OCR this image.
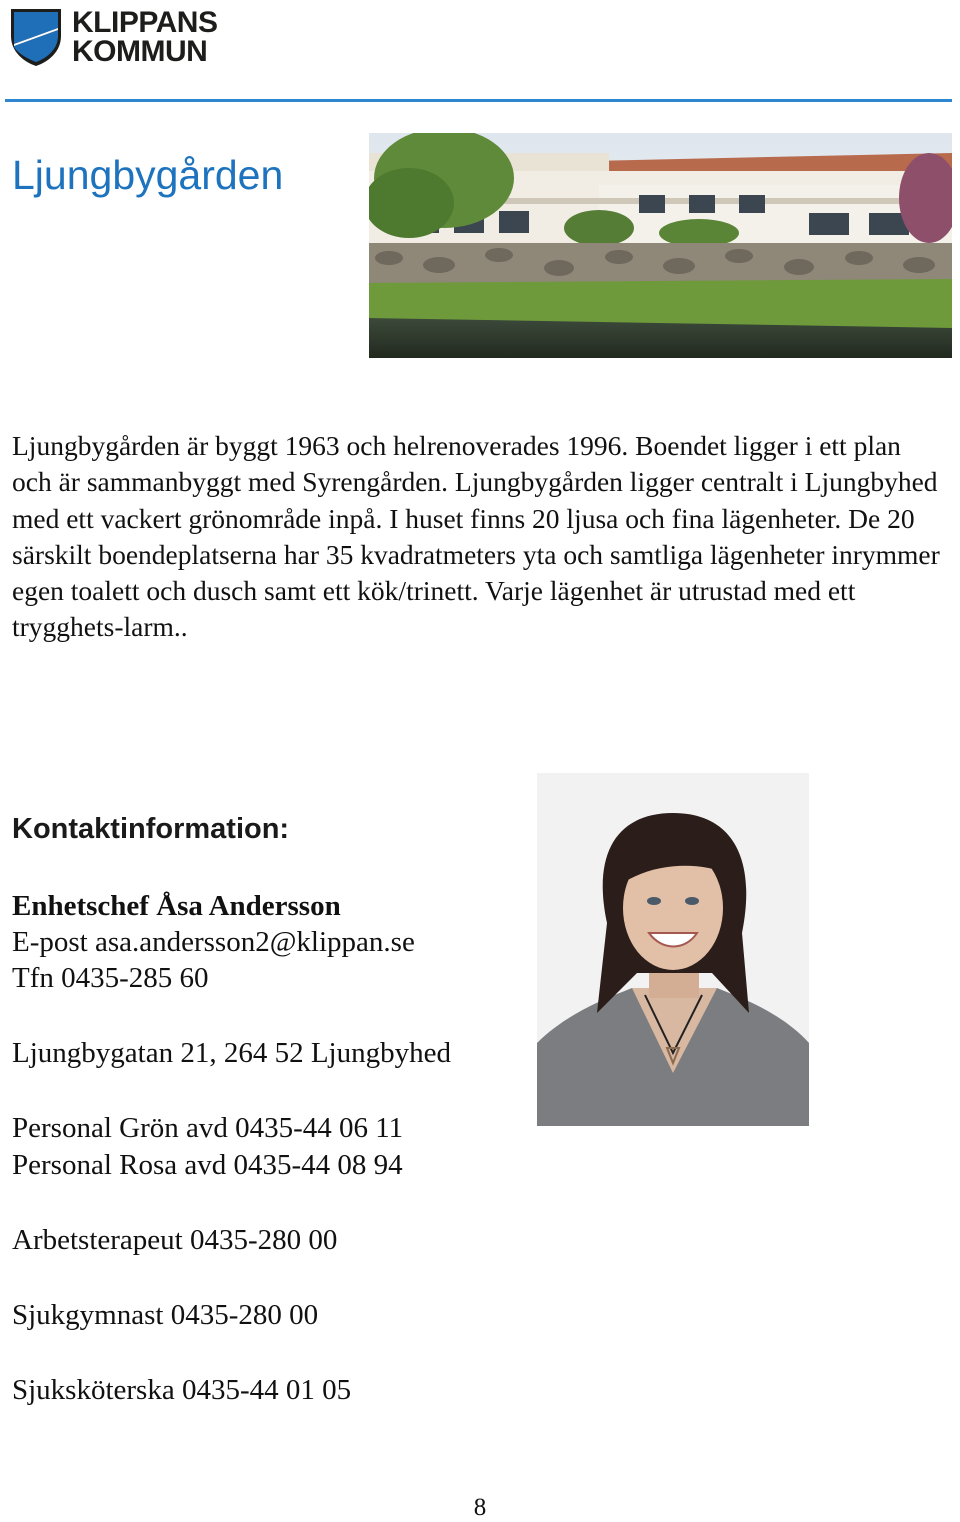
KLIPPANS
KOMMUN
Ljungbygården

Ljungbygården är byggt 1963 och helrenoverades 1996. Boendet ligger i ett plan och är sammanbyggt med Syrengården. Ljungbygården ligger centralt i Ljungbyhed med ett vackert grönområde inpå. I huset finns 20 ljusa och fina lägenheter. De 20 särskilt boendeplatserna har 35 kvadratmeters yta och samtliga lägenheter inrymmer egen toalett och dusch samt ett kök/trinett. Varje lägenhet är utrustad med ett trygghets-larm..

Kontaktinformation:
Enhetschef Åsa Andersson
E-post asa.andersson2@klippan.se
Tfn 0435-285 60
Ljungbygatan 21, 264 52 Ljungbyhed
Personal Grön avd 0435-44 06 11
Personal Rosa avd 0435-44 08 94
Arbetsterapeut 0435-280 00
Sjukgymnast 0435-280 00
Sjuksköterska 0435-44 01 05
8
